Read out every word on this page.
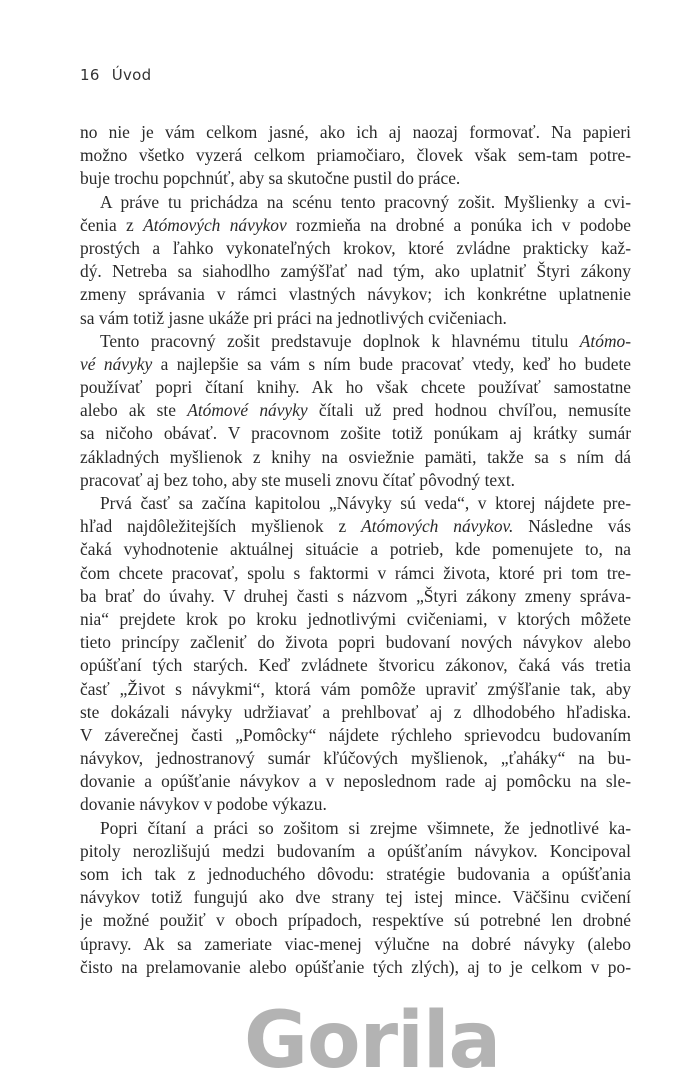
16 Úvod
no nie je vám celkom jasné, ako ich aj naozaj formovať. Na papieri
možno všetko vyzerá celkom priamočiaro, človek však sem-tam potre-
buje trochu popchnúť, aby sa skutočne pustil do práce.
A práve tu prichádza na scénu tento pracovný zošit. Myšlienky a cvi-
čenia z Atómových návykov rozmieňa na drobné a ponúka ich v podobe
prostých a ľahko vykonateľných krokov, ktoré zvládne prakticky kaž-
dý. Netreba sa siahodlho zamýšľať nad tým, ako uplatniť Štyri zákony
zmeny správania v rámci vlastných návykov; ich konkrétne uplatnenie
sa vám totiž jasne ukáže pri práci na jednotlivých cvičeniach.
Tento pracovný zošit predstavuje doplnok k hlavnému titulu Atómo-
vé návyky a najlepšie sa vám s ním bude pracovať vtedy, keď ho budete
používať popri čítaní knihy. Ak ho však chcete používať samostatne
alebo ak ste Atómové návyky čítali už pred hodnou chvíľou, nemusíte
sa ničoho obávať. V pracovnom zošite totiž ponúkam aj krátky sumár
základných myšlienok z knihy na osviežnie pamäti, takže sa s ním dá
pracovať aj bez toho, aby ste museli znovu čítať pôvodný text.
Prvá časť sa začína kapitolou „Návyky sú veda“, v ktorej nájdete pre-
hľad najdôležitejších myšlienok z Atómových návykov. Následne vás
čaká vyhodnotenie aktuálnej situácie a potrieb, kde pomenujete to, na
čom chcete pracovať, spolu s faktormi v rámci života, ktoré pri tom tre-
ba brať do úvahy. V druhej časti s názvom „Štyri zákony zmeny správa-
nia“ prejdete krok po kroku jednotlivými cvičeniami, v ktorých môžete
tieto princípy začleniť do života popri budovaní nových návykov alebo
opúšťaní tých starých. Keď zvládnete štvoricu zákonov, čaká vás tretia
časť „Život s návykmi“, ktorá vám pomôže upraviť zmýšľanie tak, aby
ste dokázali návyky udržiavať a prehlbovať aj z dlhodobého hľadiska.
V záverečnej časti „Pomôcky“ nájdete rýchleho sprievodcu budovaním
návykov, jednostranový sumár kľúčových myšlienok, „ťaháky“ na bu-
dovanie a opúšťanie návykov a v neposlednom rade aj pomôcku na sle-
dovanie návykov v podobe výkazu.
Popri čítaní a práci so zošitom si zrejme všimnete, že jednotlivé ka-
pitoly nerozlišujú medzi budovaním a opúšťaním návykov. Koncipoval
som ich tak z jednoduchého dôvodu: stratégie budovania a opúšťania
návykov totiž fungujú ako dve strany tej istej mince. Väčšinu cvičení
je možné použiť v oboch prípadoch, respektíve sú potrebné len drobné
úpravy. Ak sa zameriate viac-menej výlučne na dobré návyky (alebo
čisto na prelamovanie alebo opúšťanie tých zlých), aj to je celkom v po-
Gorila
